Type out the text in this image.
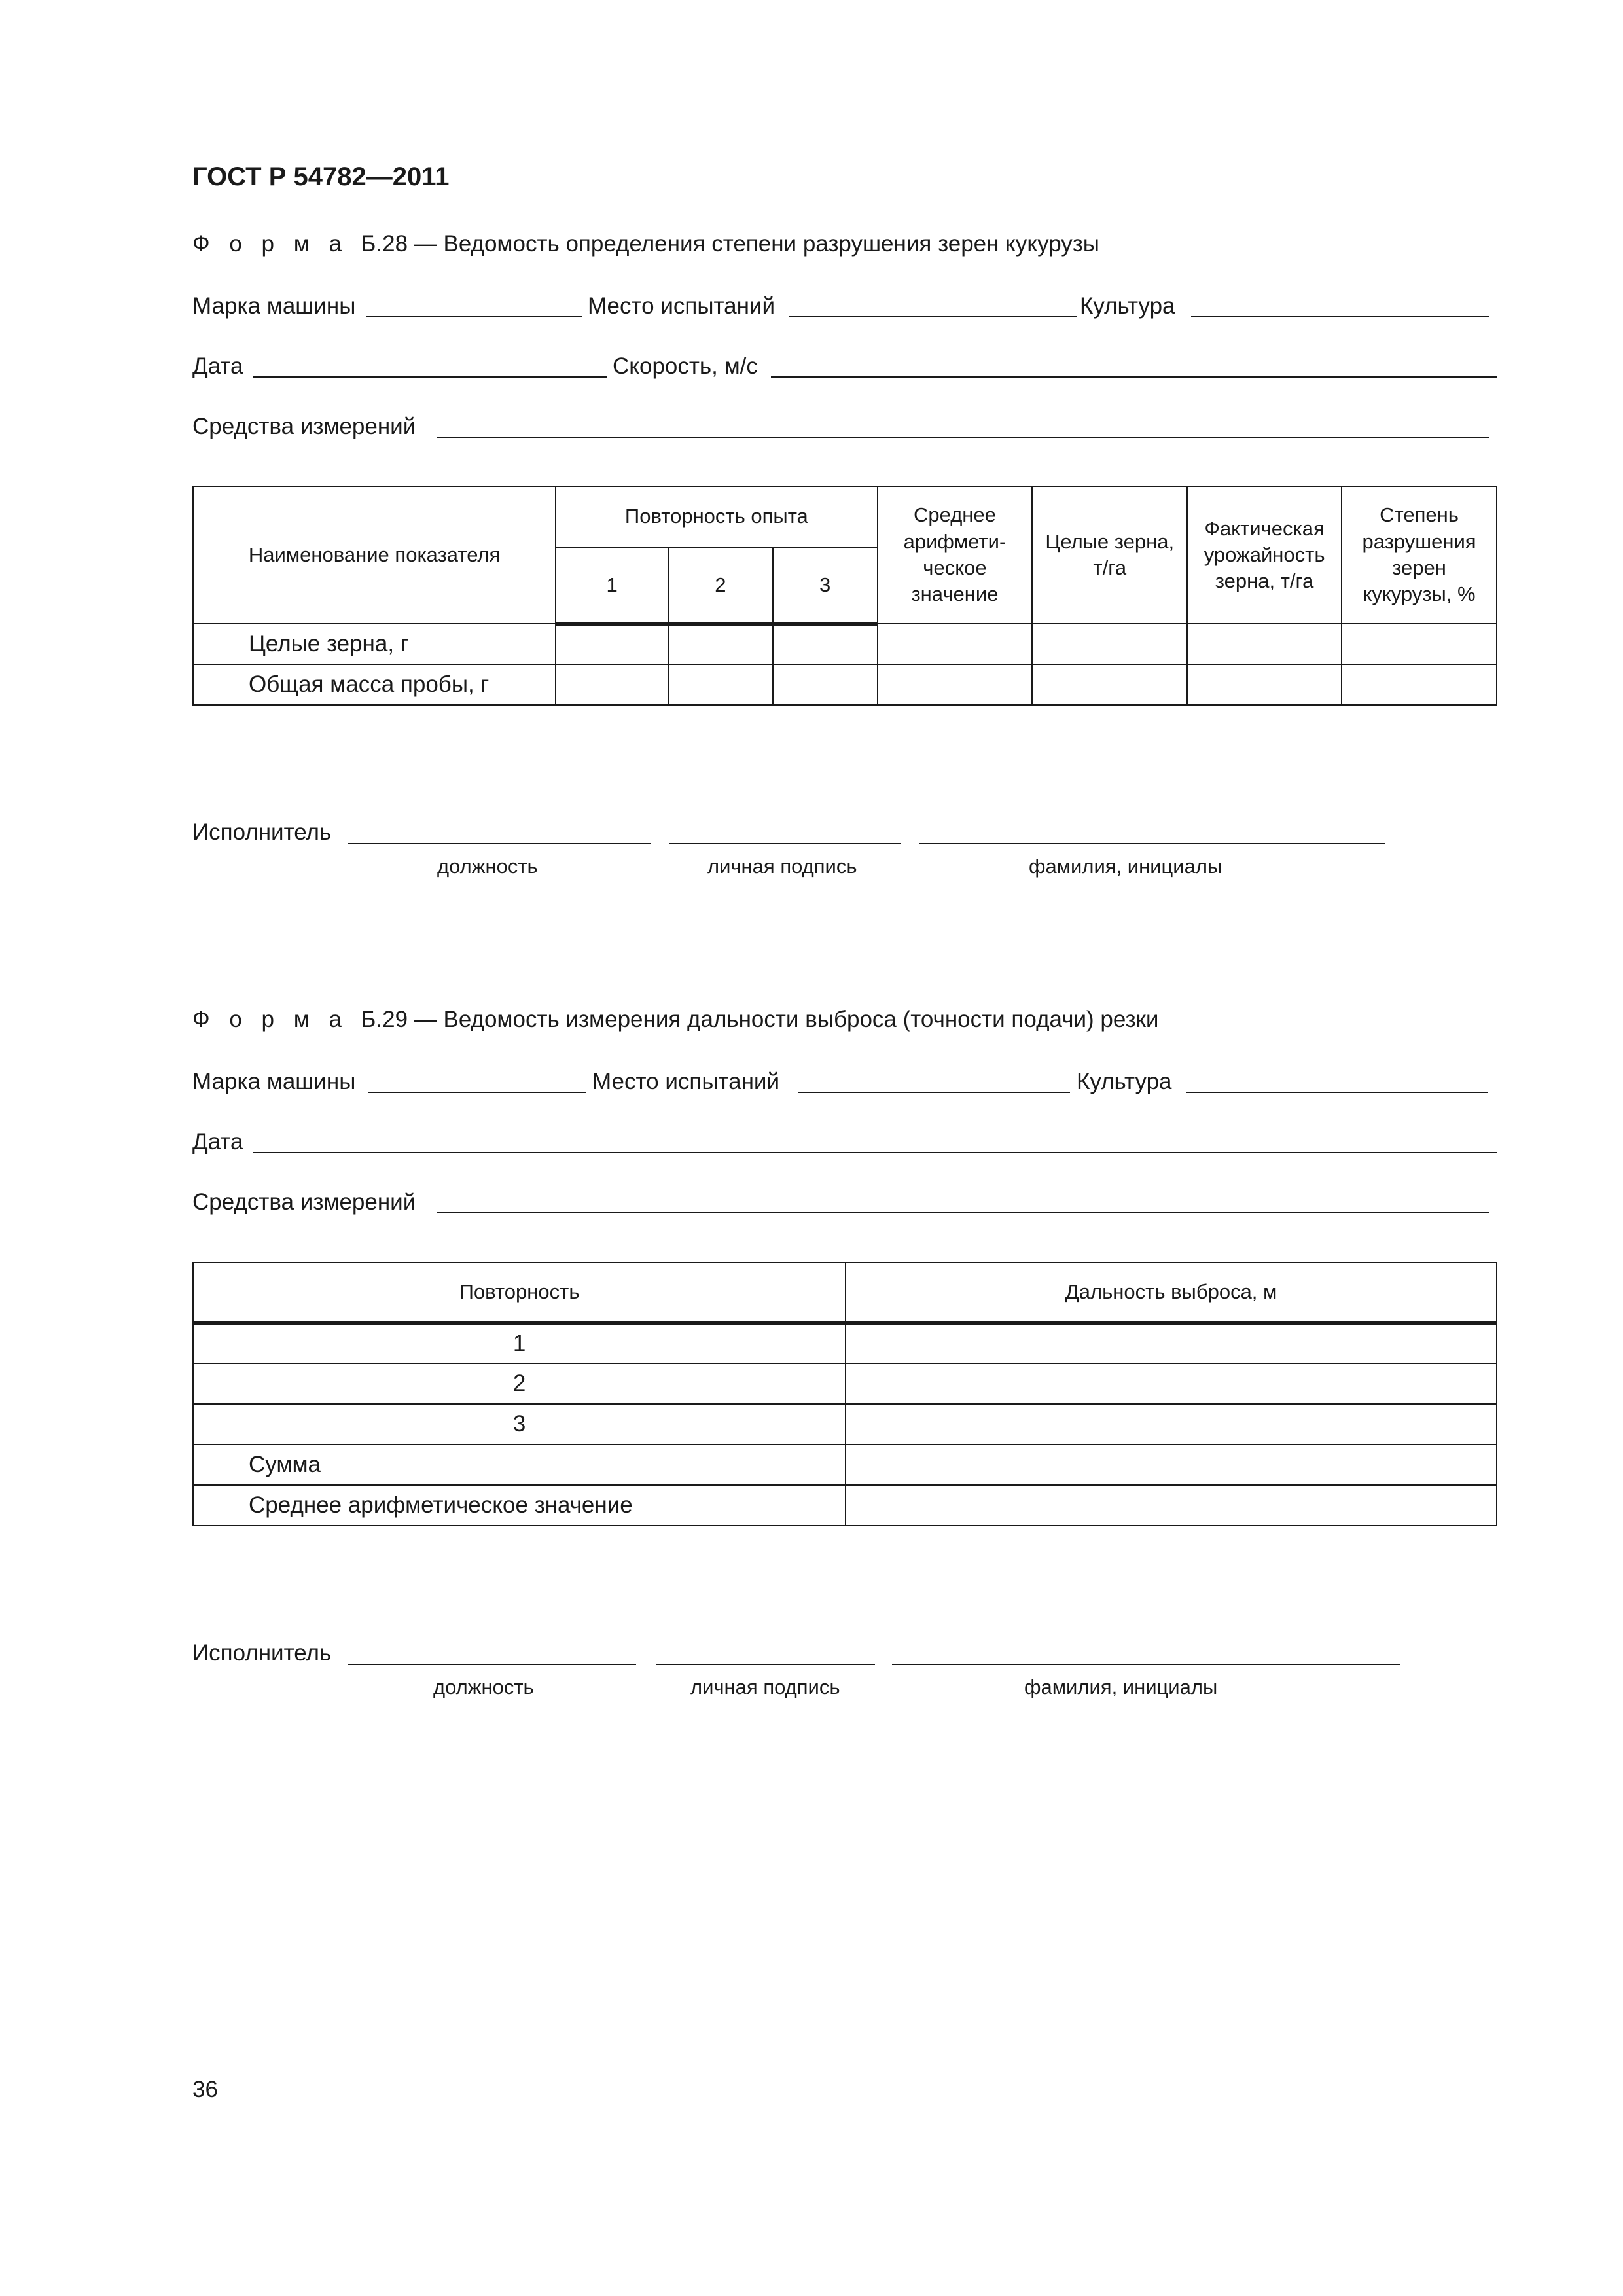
ГОСТ Р 54782—2011
Ф о р м а Б.28 — Ведомость определения степени разрушения зерен кукурузы
Марка машины	Место испытаний	Культура
Дата	Скорость, м/с
Средства измерений
Наименование показателя	Повторность опыта			Среднее арифмети- ческое значение	Целые зерна, т/га	Фактическая урожайность зерна, т/га	Степень разрушения зерен кукурузы, %
	1	2	3				
Целые зерна, г							
Общая масса пробы, г							
Исполнитель
должность	личная подпись	фамилия, инициалы
Ф о р м а Б.29 — Ведомость измерения дальности выброса (точности подачи) резки
Марка машины	Место испытаний	Культура
Дата
Средства измерений
Повторность	Дальность выброса, м
1	
2	
3	
Сумма	
Среднее арифметическое значение	
Исполнитель
должность	личная подпись	фамилия, инициалы
36
